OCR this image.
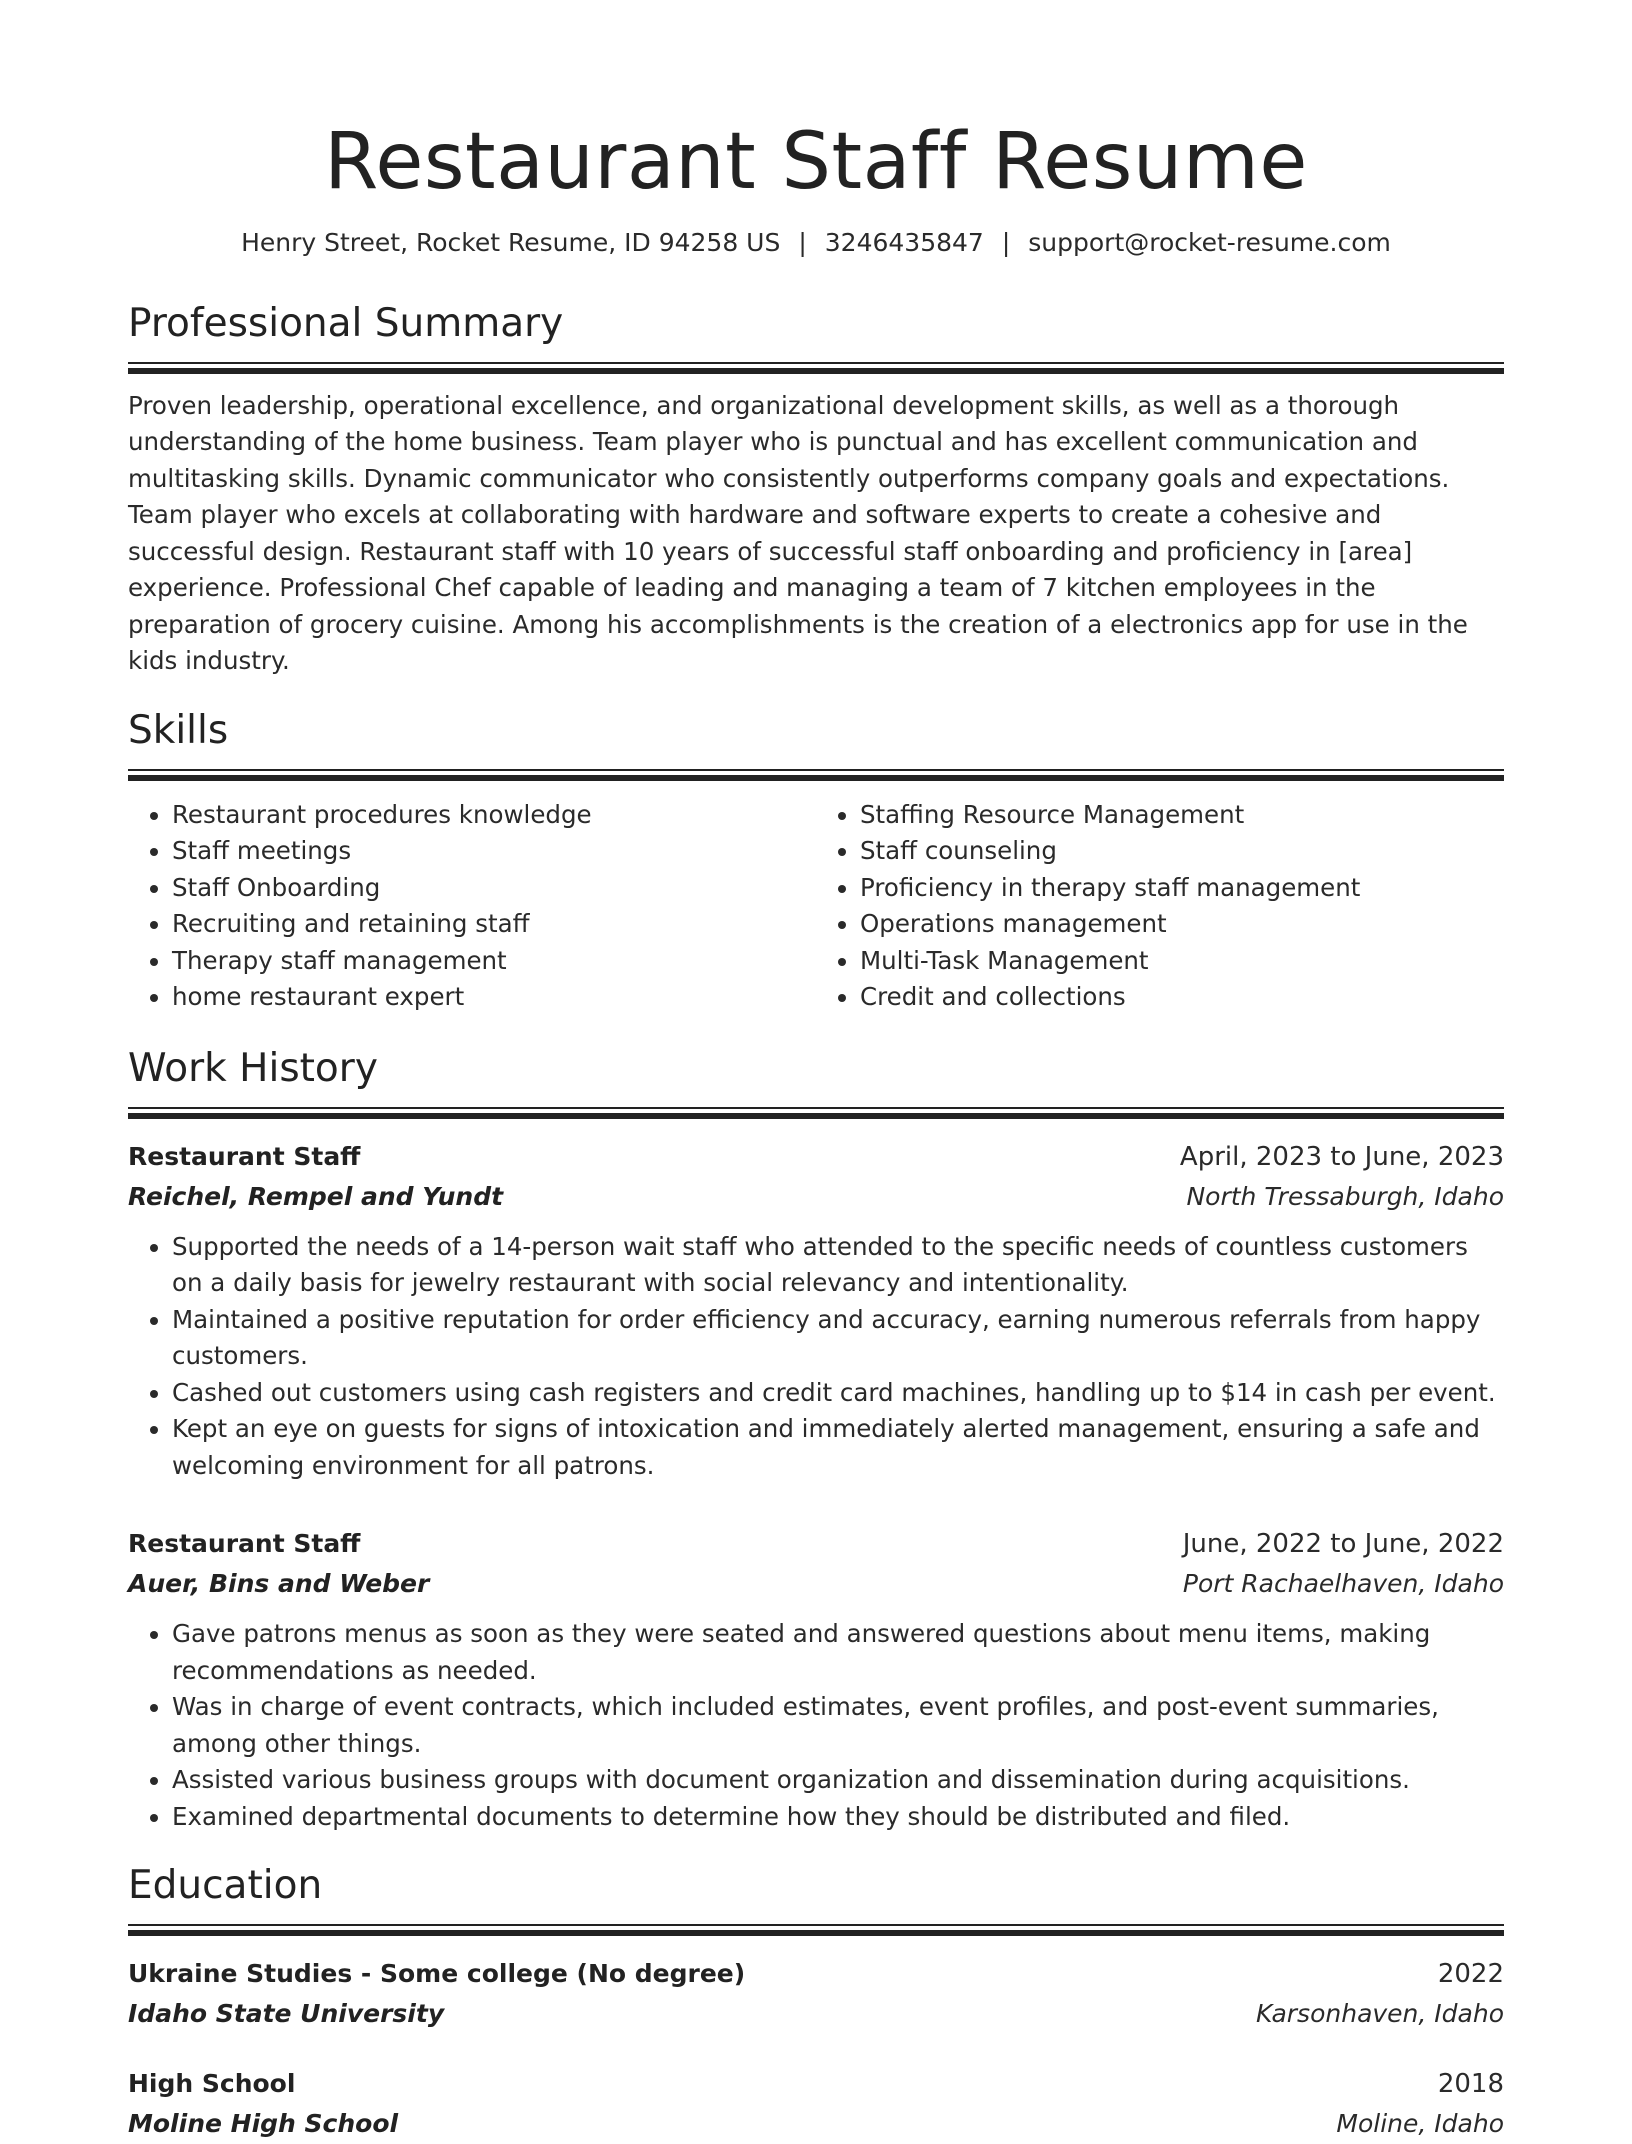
Restaurant Staff Resume
Henry Street, Rocket Resume, ID 94258 US | 3246435847 | support@rocket-resume.com
Professional Summary

Proven leadership, operational excellence, and organizational development skills, as well as a thorough understanding of the home business. Team player who is punctual and has excellent communication and multitasking skills. Dynamic communicator who consistently outperforms company goals and expectations. Team player who excels at collaborating with hardware and software experts to create a cohesive and successful design. Restaurant staff with 10 years of successful staff onboarding and proficiency in [area] experience. Professional Chef capable of leading and managing a team of 7 kitchen employees in the preparation of grocery cuisine. Among his accomplishments is the creation of a electronics app for use in the kids industry.

Skills
• Restaurant procedures knowledge
• Staff meetings
• Staff Onboarding
• Recruiting and retaining staff
• Therapy staff management
• home restaurant expert
• Staffing Resource Management
• Staff counseling
• Proficiency in therapy staff management
• Operations management
• Multi-Task Management
• Credit and collections
Work History
Restaurant Staff	April, 2023 to June, 2023
Reichel, Rempel and Yundt	North Tressaburgh, Idaho
• Supported the needs of a 14-person wait staff who attended to the specific needs of countless customers on a daily basis for jewelry restaurant with social relevancy and intentionality.
• Maintained a positive reputation for order efficiency and accuracy, earning numerous referrals from happy customers.
• Cashed out customers using cash registers and credit card machines, handling up to $14 in cash per event.
• Kept an eye on guests for signs of intoxication and immediately alerted management, ensuring a safe and welcoming environment for all patrons.
Restaurant Staff	June, 2022 to June, 2022
Auer, Bins and Weber	Port Rachaelhaven, Idaho
• Gave patrons menus as soon as they were seated and answered questions about menu items, making recommendations as needed.
• Was in charge of event contracts, which included estimates, event profiles, and post-event summaries, among other things.
• Assisted various business groups with document organization and dissemination during acquisitions.
• Examined departmental documents to determine how they should be distributed and filed.
Education
Ukraine Studies - Some college (No degree)	2022
Idaho State University	Karsonhaven, Idaho
High School	2018
Moline High School	Moline, Idaho
